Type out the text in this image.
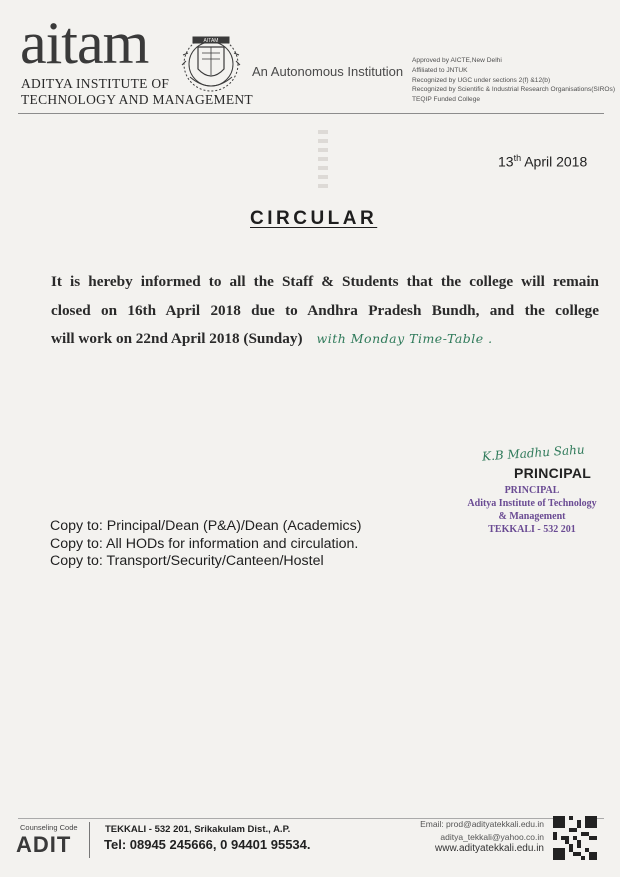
aitam
ADITYA INSTITUTE OF
TECHNOLOGY AND MANAGEMENT
AITAM
An Autonomous Institution
Approved by AICTE,New Delhi
Affiliated to JNTUK
Recognized by UGC under sections 2(f) &12(b)
Recognized by Scientific & Industrial Research Organisations(SIROs)
TEQIP Funded College
13th April 2018
CIRCULAR
It is hereby informed to all the Staff & Students that the college will remain
closed on 16th April 2018 due to Andhra Pradesh Bundh, and the college
will work on 22nd April 2018 (Sunday) with Monday Time-Table .
K.B Madhu Sahu
PRINCIPAL
PRINCIPAL
Aditya Institute of Technology
& Management
TEKKALI - 532 201
Copy to: Principal/Dean (P&A)/Dean (Academics)
Copy to: All HODs for information and circulation.
Copy to: Transport/Security/Canteen/Hostel
Counseling Code
ADIT
TEKKALI - 532 201, Srikakulam Dist., A.P.
Tel: 08945 245666, 0 94401 95534.
Email: prod@adityatekkali.edu.in
aditya_tekkali@yahoo.co.in
www.adityatekkali.edu.in
